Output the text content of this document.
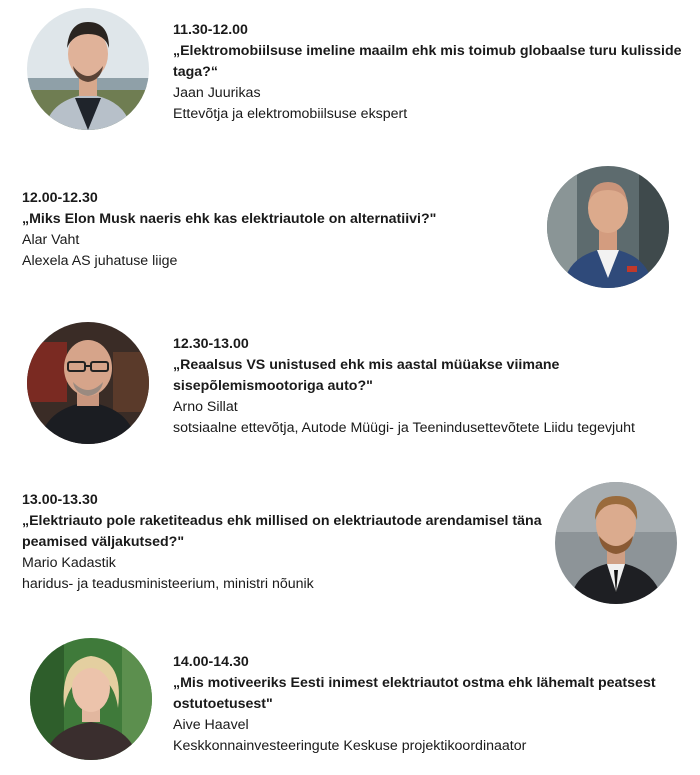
11.30-12.00
„Elektromobiilsuse imeline maailm ehk mis toimub globaalse turu kulisside
taga?“
Jaan Juurikas
Ettevõtja ja elektromobiilsuse ekspert
12.00-12.30
„Miks Elon Musk naeris ehk kas elektriautole on alternatiivi?"
Alar Vaht
Alexela AS juhatuse liige
12.30-13.00
„Reaalsus VS unistused ehk mis aastal müüakse viimane
sisepõlemismootoriga auto?"
Arno Sillat
sotsiaalne ettevõtja, Autode Müügi- ja Teenindusettevõtete Liidu tegevjuht
13.00-13.30
„Elektriauto pole raketiteadus ehk millised on elektriautode arendamisel täna
peamised väljakutsed?"
Mario Kadastik
haridus- ja teadusministeerium, ministri nõunik
14.00-14.30
„Mis motiveeriks Eesti inimest elektriautot ostma ehk lähemalt peatsest
ostutoetusest"
Aive Haavel
Keskkonnainvesteeringute Keskuse projektikoordinaator
